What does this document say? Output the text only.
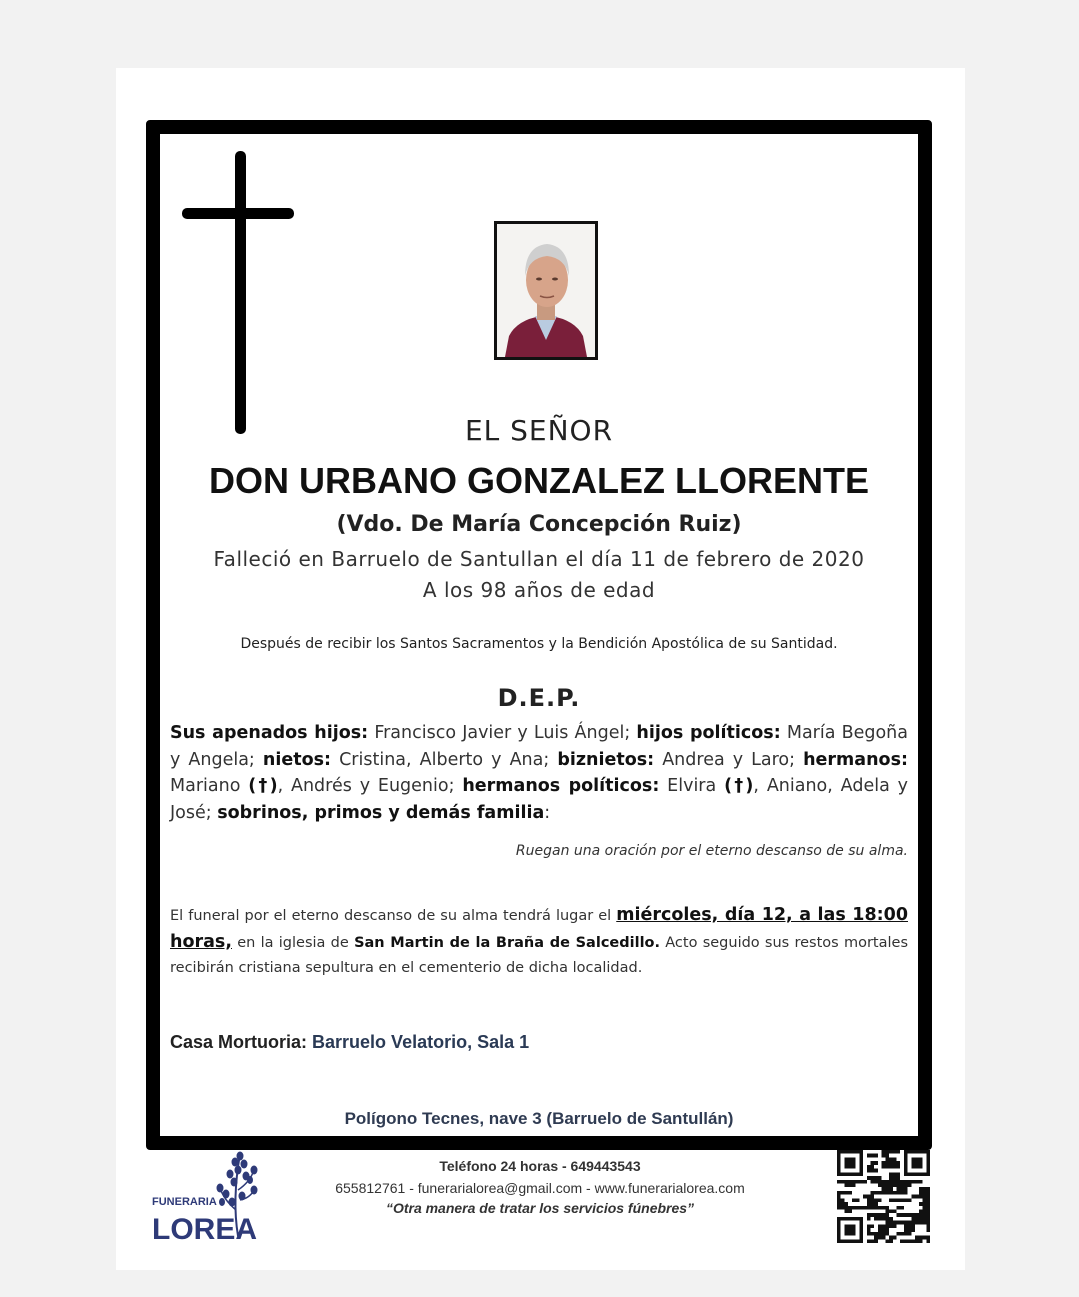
EL SEÑOR
DON URBANO GONZALEZ LLORENTE
(Vdo. De María Concepción Ruiz)
Falleció en Barruelo de Santullan el día 11 de febrero de 2020
A los 98 años de edad
Después de recibir los Santos Sacramentos y la Bendición Apostólica de su Santidad.
D.E.P.
Sus apenados hijos: Francisco Javier y Luis Ángel; hijos políticos: María Begoña y Angela; nietos: Cristina, Alberto y Ana; biznietos: Andrea y Laro; hermanos: Mariano (†), Andrés y Eugenio; hermanos políticos: Elvira (†), Aniano, Adela y José; sobrinos, primos y demás familia:
Ruegan una oración por el eterno descanso de su alma.
El funeral por el eterno descanso de su alma tendrá lugar el miércoles, día 12, a las 18:00 horas, en la iglesia de San Martin de la Braña de Salcedillo. Acto seguido sus restos mortales recibirán cristiana sepultura en el cementerio de dicha localidad.
Casa Mortuoria: Barruelo Velatorio, Sala 1
Polígono Tecnes, nave 3 (Barruelo de Santullán)
FUNERARIA
LOREA
Teléfono 24 horas - 649443543
655812761 - funerarialorea@gmail.com - www.funerarialorea.com
“Otra manera de tratar los servicios fúnebres”
